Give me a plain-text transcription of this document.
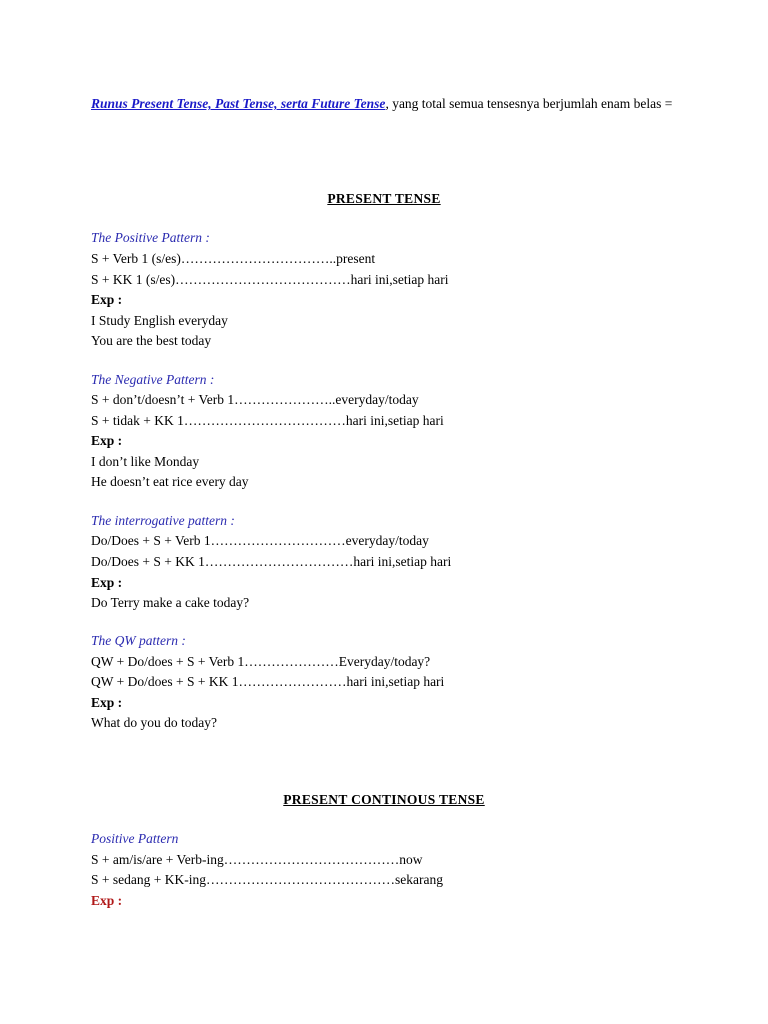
Runus Present Tense, Past Tense, serta Future Tense, yang total semua tensesnya berjumlah enam belas =
PRESENT TENSE
The Positive Pattern :
S + Verb 1 (s/es)……………………………..present
S + KK 1 (s/es)…………………………………hari ini,setiap hari
Exp :
I Study English everyday
You are the best today
The Negative Pattern :
S + don’t/doesn’t + Verb 1…………………..everyday/today
S + tidak + KK 1………………………………hari ini,setiap hari
Exp :
I don’t like Monday
He doesn’t eat rice every day
The interrogative pattern :
Do/Does + S + Verb 1…………………………everyday/today
Do/Does + S + KK 1……………………………hari ini,setiap hari
Exp :
Do Terry make a cake today?
The QW pattern :
QW + Do/does + S + Verb 1…………………Everyday/today?
QW + Do/does + S + KK 1……………………hari ini,setiap hari
Exp :
What do you do today?
PRESENT CONTINOUS TENSE
Positive Pattern
S + am/is/are + Verb-ing…………………………………now
S + sedang + KK-ing……………………………………sekarang
Exp :
